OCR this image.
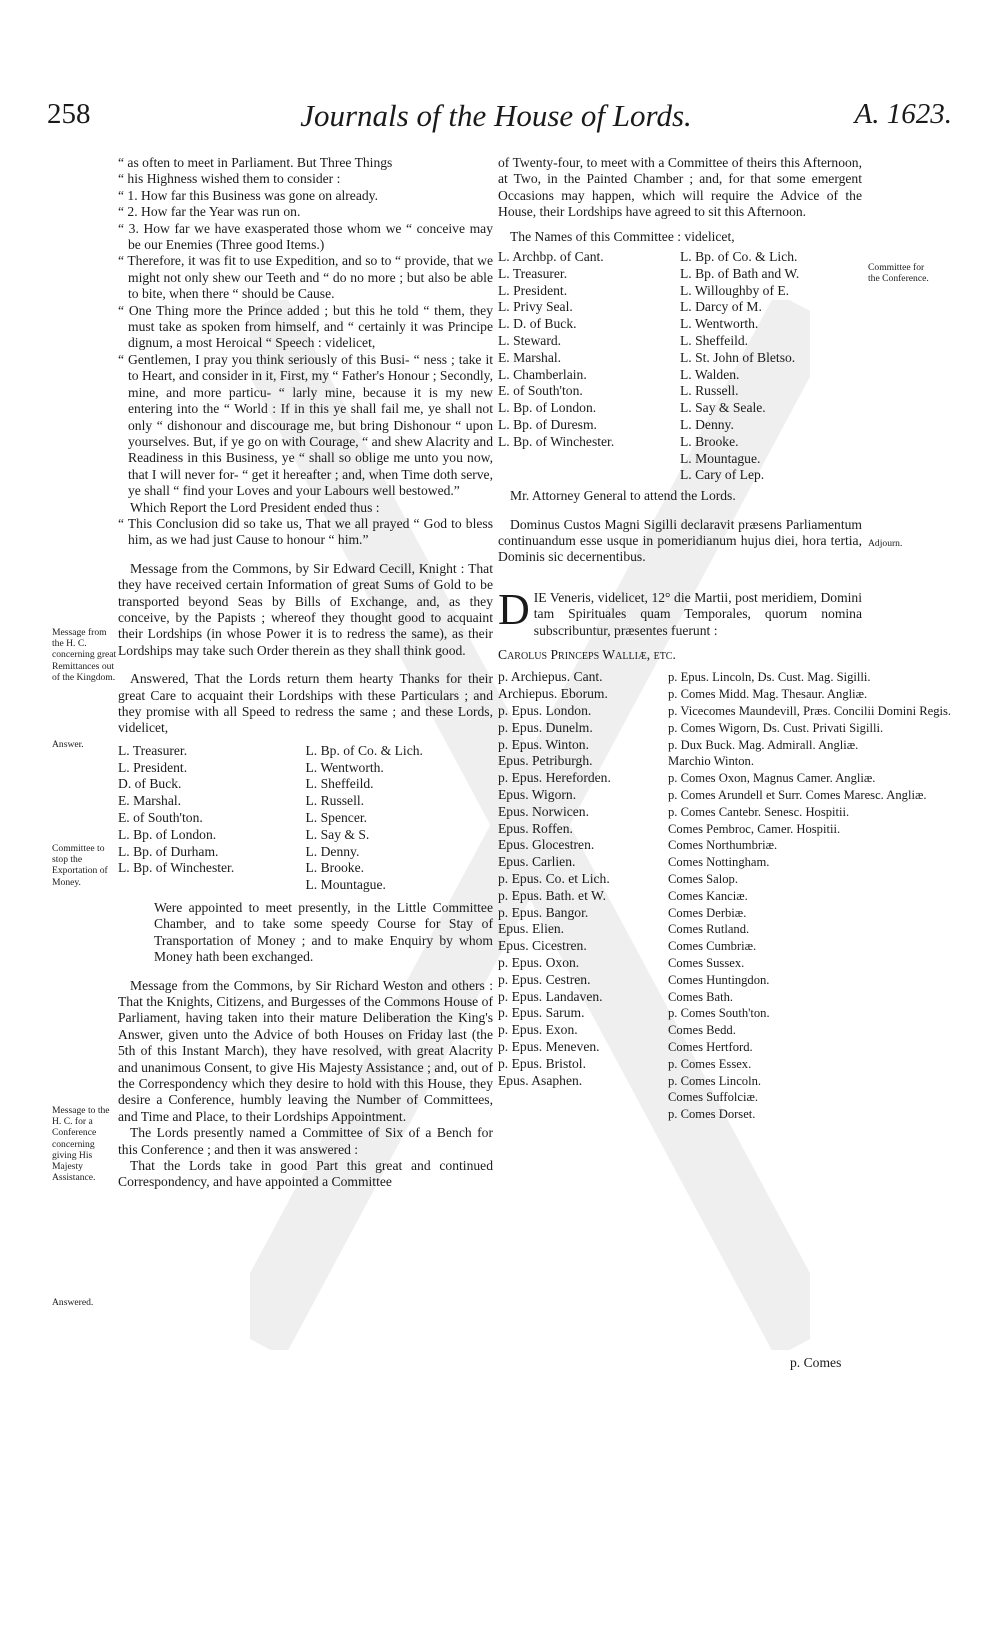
258	Journals of the House of Lords.	A. 1623.
Message from the H. C. concerning great Remittances out of the Kingdom.
Answer.
Committee to stop the Exportation of Money.
Message to the H. C. for a Conference concerning giving His Majesty Assistance.
Answered.
Committee for the Conference.
Adjourn.

“ as often to meet in Parliament. But Three Things

“ his Highness wished them to consider :

“ 1. How far this Business was gone on already.

“ 2. How far the Year was run on.

“ 3. How far we have exasperated those whom we “ conceive may be our Enemies (Three good Items.)

“ Therefore, it was fit to use Expedition, and so to “ provide, that we might not only shew our Teeth and “ do no more ; but also be able to bite, when there “ should be Cause.

“ One Thing more the Prince added ; but this he told “ them, they must take as spoken from himself, and “ certainly it was Principe dignum, a most Heroical “ Speech : videlicet,

“ Gentlemen, I pray you think seriously of this Busi- “ ness ; take it to Heart, and consider in it, First, my “ Father's Honour ; Secondly, mine, and more particu- “ larly mine, because it is my new entering into the “ World : If in this ye shall fail me, ye shall not only “ dishonour and discourage me, but bring Dishonour “ upon yourselves. But, if ye go on with Courage, “ and shew Alacrity and Readiness in this Business, ye “ shall so oblige me unto you now, that I will never for- “ get it hereafter ; and, when Time doth serve, ye shall “ find your Loves and your Labours well bestowed.”

Which Report the Lord President ended thus :

“ This Conclusion did so take us, That we all prayed “ God to bless him, as we had just Cause to honour “ him.”

Message from the Commons, by Sir Edward Cecill, Knight : That they have received certain Information of great Sums of Gold to be transported beyond Seas by Bills of Exchange, and, as they conceive, by the Papists ; whereof they thought good to acquaint their Lordships (in whose Power it is to redress the same), as their Lordships may take such Order therein as they shall think good.

Answered, That the Lords return them hearty Thanks for their great Care to acquaint their Lordships with these Particulars ; and they promise with all Speed to redress the same ; and these Lords, videlicet,

L. Treasurer.
L. President.
D. of Buck.
E. Marshal.
E. of South'ton.
L. Bp. of London.
L. Bp. of Durham.
L. Bp. of Winchester.
L. Bp. of Co. & Lich.
L. Wentworth.
L. Sheffeild.
L. Russell.
L. Spencer.
L. Say & S.
L. Denny.
L. Brooke.
L. Mountague.

Were appointed to meet presently, in the Little Committee Chamber, and to take some speedy Course for Stay of Transportation of Money ; and to make Enquiry by whom Money hath been exchanged.

Message from the Commons, by Sir Richard Weston and others : That the Knights, Citizens, and Burgesses of the Commons House of Parliament, having taken into their mature Deliberation the King's Answer, given unto the Advice of both Houses on Friday last (the 5th of this Instant March), they have resolved, with great Alacrity and unanimous Consent, to give His Majesty Assistance ; and, out of the Correspondency which they desire to hold with this House, they desire a Conference, humbly leaving the Number of Committees, and Time and Place, to their Lordships Appointment.

The Lords presently named a Committee of Six of a Bench for this Conference ; and then it was answered :

That the Lords take in good Part this great and continued Correspondency, and have appointed a Committee

of Twenty-four, to meet with a Committee of theirs this Afternoon, at Two, in the Painted Chamber ; and, for that some emergent Occasions may happen, which will require the Advice of the House, their Lordships have agreed to sit this Afternoon.

The Names of this Committee : videlicet,

L. Archbp. of Cant.
L. Treasurer.
L. President.
L. Privy Seal.
L. D. of Buck.
L. Steward.
E. Marshal.
L. Chamberlain.
E. of South'ton.
L. Bp. of London.
L. Bp. of Duresm.
L. Bp. of Winchester.
L. Bp. of Co. & Lich.
L. Bp. of Bath and W.
L. Willoughby of E.
L. Darcy of M.
L. Wentworth.
L. Sheffeild.
L. St. John of Bletso.
L. Walden.
L. Russell.
L. Say & Seale.
L. Denny.
L. Brooke.
L. Mountague.
L. Cary of Lep.

Mr. Attorney General to attend the Lords.

Dominus Custos Magni Sigilli declaravit præsens Parliamentum continuandum esse usque in pomeridianum hujus diei, hora tertia, Dominis sic decernentibus.

DIE Veneris, videlicet, 12° die Martii, post meridiem, Domini tam Spirituales quam Temporales, quorum nomina subscribuntur, præsentes fuerunt :

Carolus Princeps Walliæ, etc.

p. Archiepus. Cant.
Archiepus. Eborum.
p. Epus. London.
p. Epus. Dunelm.
p. Epus. Winton.
Epus. Petriburgh.
p. Epus. Hereforden.
Epus. Wigorn.
Epus. Norwicen.
Epus. Roffen.
Epus. Glocestren.
Epus. Carlien.
p. Epus. Co. et Lich.
p. Epus. Bath. et W.
p. Epus. Bangor.
Epus. Elien.
Epus. Cicestren.
p. Epus. Oxon.
p. Epus. Cestren.
p. Epus. Landaven.
p. Epus. Sarum.
p. Epus. Exon.
p. Epus. Meneven.
p. Epus. Bristol.
Epus. Asaphen.
p. Epus. Lincoln, Ds. Cust. Mag. Sigilli.
p. Comes Midd. Mag. Thesaur. Angliæ.
p. Vicecomes Maundevill, Præs. Concilii Domini Regis.
p. Comes Wigorn, Ds. Cust. Privati Sigilli.
p. Dux Buck. Mag. Admirall. Angliæ.
Marchio Winton.
p. Comes Oxon, Magnus Camer. Angliæ.
p. Comes Arundell et Surr. Comes Maresc. Angliæ.
p. Comes Cantebr. Senesc. Hospitii.
Comes Pembroc, Camer. Hospitii.
Comes Northumbriæ.
Comes Nottingham.
Comes Salop.
Comes Kanciæ.
Comes Derbiæ.
Comes Rutland.
Comes Cumbriæ.
Comes Sussex.
Comes Huntingdon.
Comes Bath.
p. Comes South'ton.
Comes Bedd.
Comes Hertford.
p. Comes Essex.
p. Comes Lincoln.
Comes Suffolciæ.
p. Comes Dorset.
p. Comes
